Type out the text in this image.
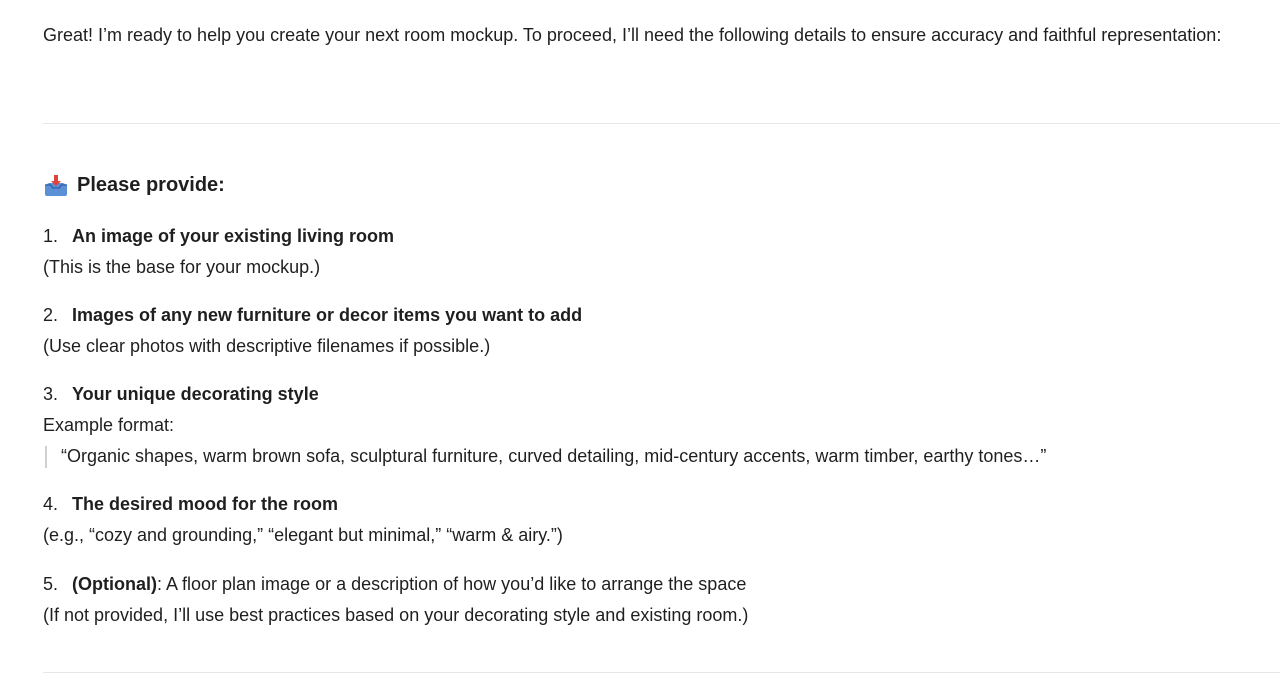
Great! I’m ready to help you create your next room mockup. To proceed, I’ll need the following details to ensure accuracy and faithful representation:

Please provide:
1. An image of your existing living room
(This is the base for your mockup.)
2. Images of any new furniture or decor items you want to add
(Use clear photos with descriptive filenames if possible.)
3. Your unique decorating style
Example format:
“Organic shapes, warm brown sofa, sculptural furniture, curved detailing, mid-century accents, warm timber, earthy tones…”
4. The desired mood for the room
(e.g., “cozy and grounding,” “elegant but minimal,” “warm & airy.”)
5. (Optional): A floor plan image or a description of how you’d like to arrange the space
(If not provided, I’ll use best practices based on your decorating style and existing room.)
